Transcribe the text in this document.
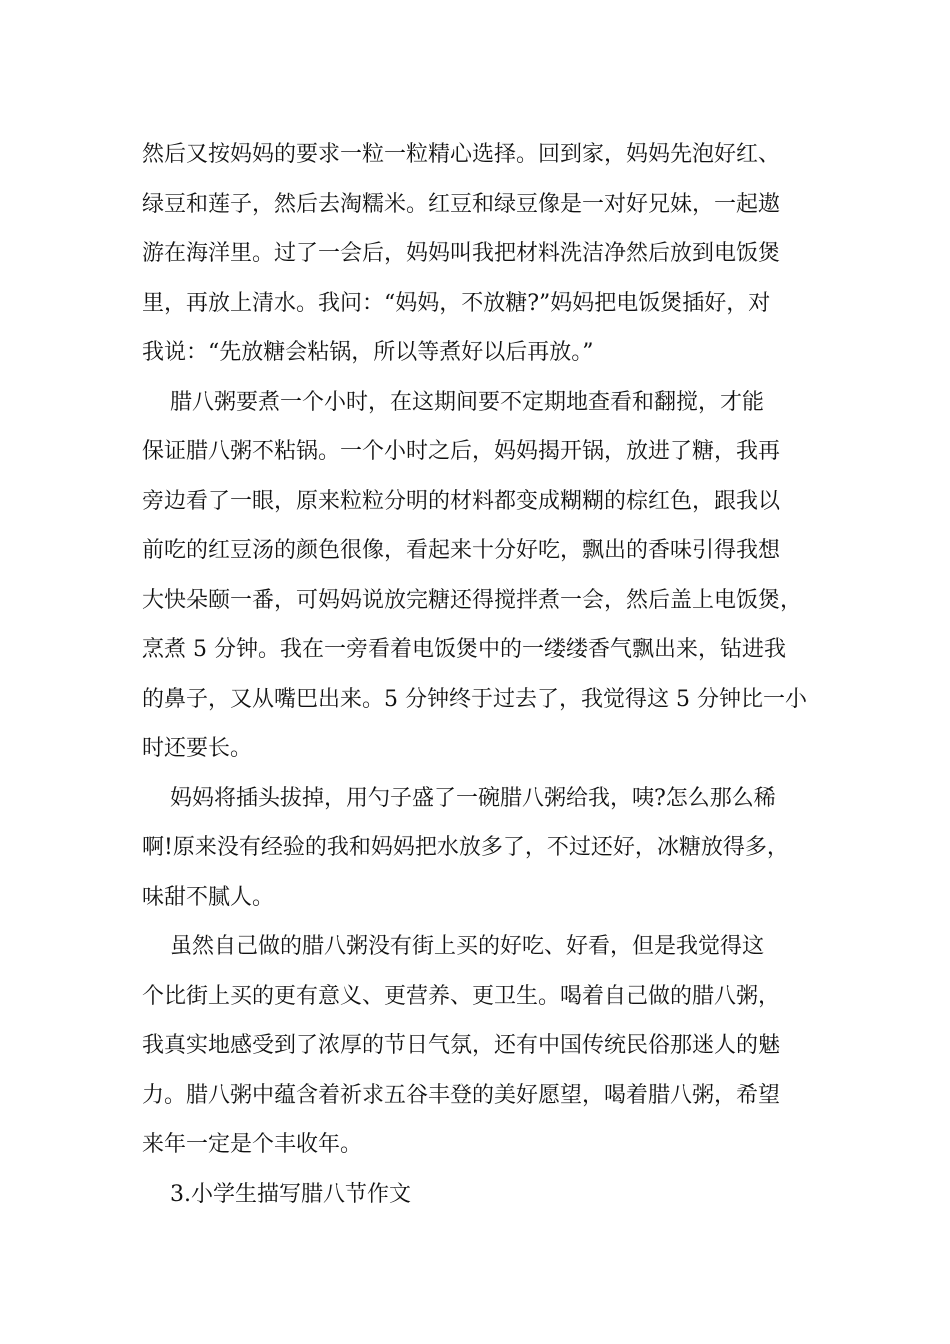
然后又按妈妈的要求一粒一粒精心选择。回到家，妈妈先泡好红、
绿豆和莲子，然后去淘糯米。红豆和绿豆像是一对好兄妹，一起遨
游在海洋里。过了一会后，妈妈叫我把材料洗洁净然后放到电饭煲
里，再放上清水。我问：“妈妈，不放糖?”妈妈把电饭煲插好，对
我说：“先放糖会粘锅，所以等煮好以后再放。”
腊八粥要煮一个小时，在这期间要不定期地查看和翻搅，才能
保证腊八粥不粘锅。一个小时之后，妈妈揭开锅，放进了糖，我再
旁边看了一眼，原来粒粒分明的材料都变成糊糊的棕红色，跟我以
前吃的红豆汤的颜色很像，看起来十分好吃，飘出的香味引得我想
大快朵颐一番，可妈妈说放完糖还得搅拌煮一会，然后盖上电饭煲，
烹煮 5 分钟。我在一旁看着电饭煲中的一缕缕香气飘出来，钻进我
的鼻子，又从嘴巴出来。5 分钟终于过去了，我觉得这 5 分钟比一小
时还要长。
妈妈将插头拔掉，用勺子盛了一碗腊八粥给我，咦?怎么那么稀
啊!原来没有经验的我和妈妈把水放多了，不过还好，冰糖放得多，
味甜不腻人。
虽然自己做的腊八粥没有街上买的好吃、好看，但是我觉得这
个比街上买的更有意义、更营养、更卫生。喝着自己做的腊八粥，
我真实地感受到了浓厚的节日气氛，还有中国传统民俗那迷人的魅
力。腊八粥中蕴含着祈求五谷丰登的美好愿望，喝着腊八粥，希望
来年一定是个丰收年。
3.小学生描写腊八节作文
